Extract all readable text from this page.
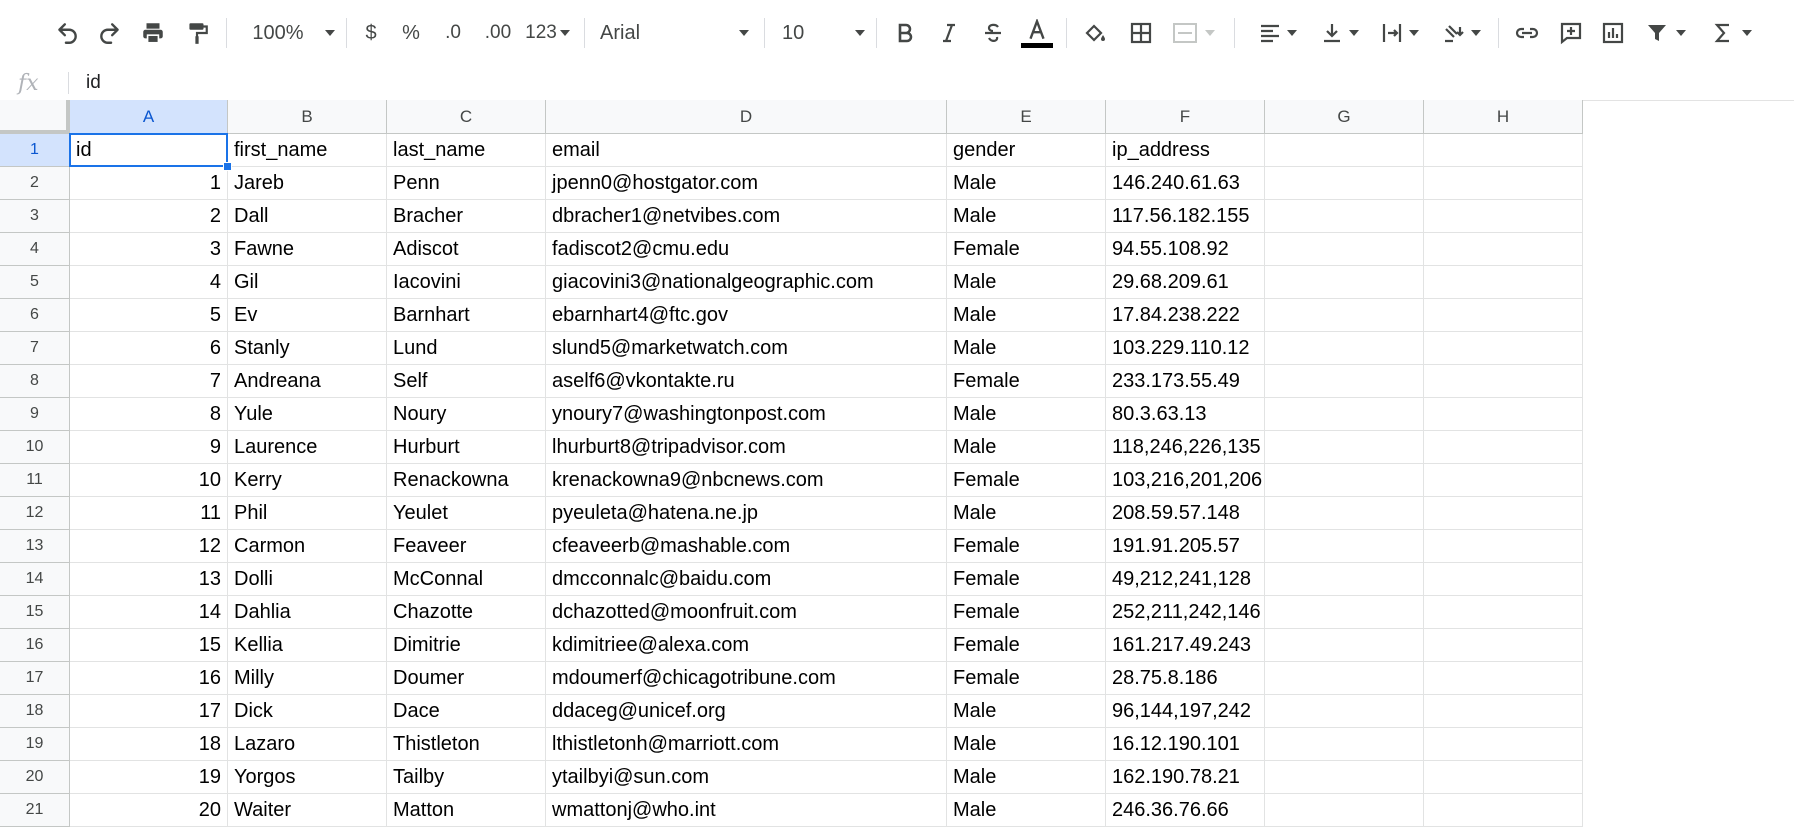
100%	$	%	.0 .00 123 Arial	10
fx id
A	B	C	D	E	F	G	H
1	id	first_name	last_name	email	gender	ip_address
2	1 Jareb	Penn	jpenn0@hostgator.com	Male	146.240.61.63
3	2 Dall	Bracher	dbracher1@netvibes.com	Male	117.56.182.155
4	3 Fawne	Adiscot	fadiscot2@cmu.edu	Female	94.55.108.92
5	4 Gil	Iacovini	giacovini3@nationalgeographic.com	Male	29.68.209.61
6	5 Ev	Barnhart	ebarnhart4@ftc.gov	Male	17.84.238.222
7	6 Stanly	Lund	slund5@marketwatch.com	Male	103.229.110.12
8	7 Andreana	Self	aself6@vkontakte.ru	Female	233.173.55.49
9	8 Yule	Noury	ynoury7@washingtonpost.com	Male	80.3.63.13
10	9 Laurence	Hurburt	lhurburt8@tripadvisor.com	Male	118,246,226,135
11	10 Kerry	Renackowna	krenackowna9@nbcnews.com	Female	103,216,201,206
12	11 Phil	Yeulet	pyeuleta@hatena.ne.jp	Male	208.59.57.148
13	12 Carmon	Feaveer	cfeaveerb@mashable.com	Female	191.91.205.57
14	13 Dolli	McConnal	dmcconnalc@baidu.com	Female	49,212,241,128
15	14 Dahlia	Chazotte	dchazotted@moonfruit.com	Female	252,211,242,146
16	15 Kellia	Dimitrie	kdimitriee@alexa.com	Female	161.217.49.243
17	16 Milly	Doumer	mdoumerf@chicagotribune.com	Female	28.75.8.186
18	17 Dick	Dace	ddaceg@unicef.org	Male	96,144,197,242
19	18 Lazaro	Thistleton	lthistletonh@marriott.com	Male	16.12.190.101
20	19 Yorgos	Tailby	ytailbyi@sun.com	Male	162.190.78.21
21	20 Waiter	Matton	wmattonj@who.int	Male	246.36.76.66
